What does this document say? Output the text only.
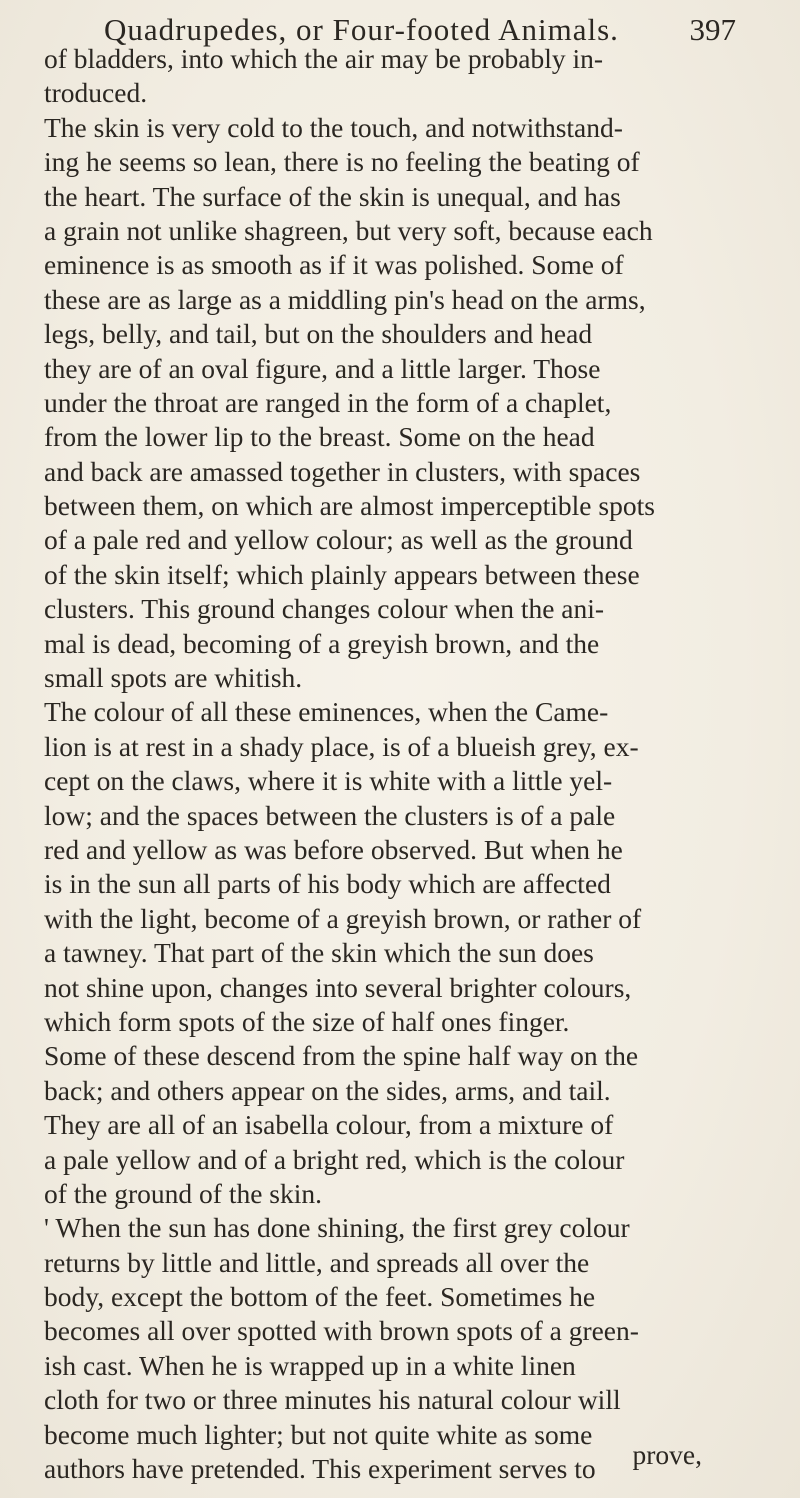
Quadrupedes, or Four-footed Animals. 397
of bladders, into which the air may be probably in-
troduced.
The skin is very cold to the touch, and notwithstand-
ing he seems so lean, there is no feeling the beating of
the heart. The surface of the skin is unequal, and has
a grain not unlike shagreen, but very soft, because each
eminence is as smooth as if it was polished. Some of
these are as large as a middling pin's head on the arms,
legs, belly, and tail, but on the shoulders and head
they are of an oval figure, and a little larger. Those
under the throat are ranged in the form of a chaplet,
from the lower lip to the breast. Some on the head
and back are amassed together in clusters, with spaces
between them, on which are almost imperceptible spots
of a pale red and yellow colour; as well as the ground
of the skin itself; which plainly appears between these
clusters. This ground changes colour when the ani-
mal is dead, becoming of a greyish brown, and the
small spots are whitish.
The colour of all these eminences, when the Came-
lion is at rest in a shady place, is of a blueish grey, ex-
cept on the claws, where it is white with a little yel-
low; and the spaces between the clusters is of a pale
red and yellow as was before observed. But when he
is in the sun all parts of his body which are affected
with the light, become of a greyish brown, or rather of
a tawney. That part of the skin which the sun does
not shine upon, changes into several brighter colours,
which form spots of the size of half ones finger.
Some of these descend from the spine half way on the
back; and others appear on the sides, arms, and tail.
They are all of an isabella colour, from a mixture of
a pale yellow and of a bright red, which is the colour
of the ground of the skin.
' When the sun has done shining, the first grey colour
returns by little and little, and spreads all over the
body, except the bottom of the feet. Sometimes he
becomes all over spotted with brown spots of a green-
ish cast. When he is wrapped up in a white linen
cloth for two or three minutes his natural colour will
become much lighter; but not quite white as some
authors have pretended. This experiment serves to	prove,
